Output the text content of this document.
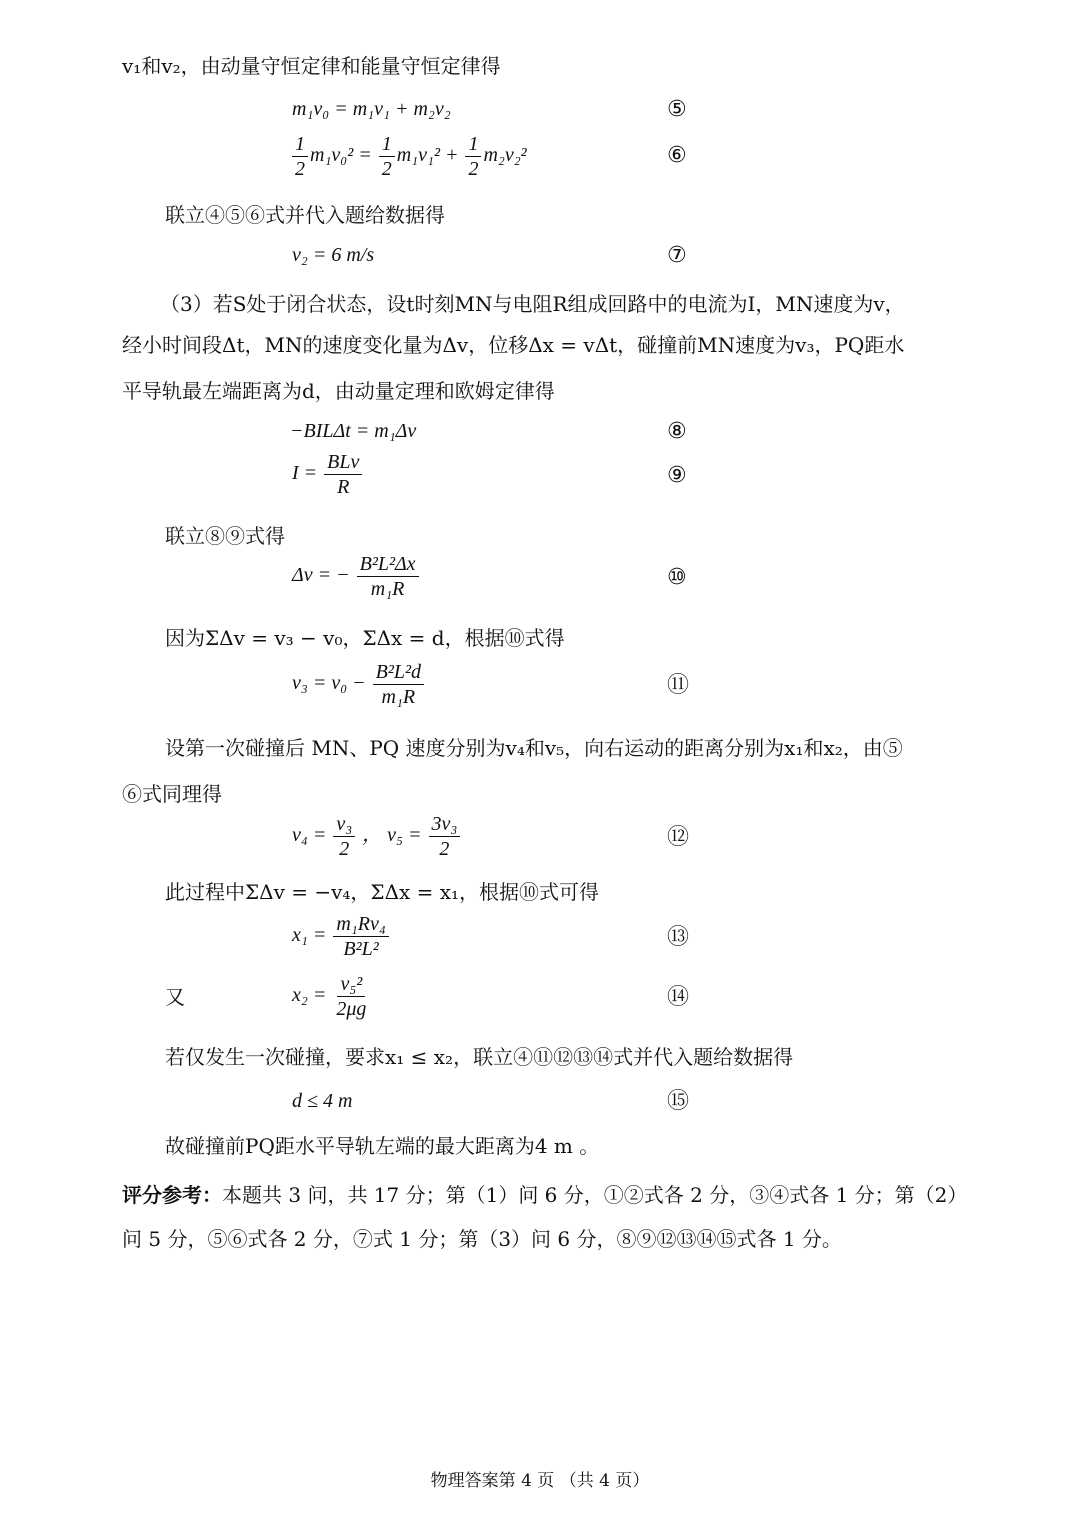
v₁和v₂，由动量守恒定律和能量守恒定律得
m₁v₀ = m₁v₁ + m₂v₂	⑤
$\frac{1}{2} m_1v_0^2 = \frac{1}{2} m_1v_1^2 + \frac{1}{2} m_2v_2^2$	⑥
联立④⑤⑥式并代入题给数据得
v₂ = 6 m/s	⑦
（3）若S处于闭合状态，设t时刻MN与电阻R组成回路中的电流为I，MN速度为v，
经小时间段Δt，MN的速度变化量为Δv，位移Δx = vΔt，碰撞前MN速度为v₃，PQ距水
平导轨最左端距离为d，由动量定理和欧姆定律得
−BILΔt = m₁Δv	⑧
$I = \frac{\text{BLv}}{R}$	⑨
联立⑧⑨式得
Δv = − $\frac{\text{B²L²Δx}}{\text{m₁R}}$	⑩
因为ΣΔv = v₃ − v₀，ΣΔx = d，根据⑩式得
$v_3 = v_0 - \frac{\text{B²L²d}}{\text{m₁R}}$	⑪
设第一次碰撞后 MN、PQ 速度分别为v₄和v₅，向右运动的距离分别为x₁和x₂，由⑤
⑥式同理得
$v_4 = \frac{\text{v₃}}{2}$ ， $v_5 = \frac{\text{3v₃}}{2}$	⑫
此过程中ΣΔv = −v₄，ΣΔx = x₁，根据⑩式可得
$x_1 = \frac{\text{m₁Rv₄}}{\text{B²L²}}$	⑬
又	$x_2 = \frac{\text{v₅²}}{2\mu g}$	⑭
若仅发生一次碰撞，要求x₁ ≤ x₂，联立④⑪⑫⑬⑭式并代入题给数据得
d ≤ 4 m	⑮
故碰撞前PQ距水平导轨左端的最大距离为4 m 。
评分参考：本题共 3 问，共 17 分；第（1）问 6 分，①②式各 2 分，③④式各 1 分；第（2）
问 5 分，⑤⑥式各 2 分，⑦式 1 分；第（3）问 6 分，⑧⑨⑫⑬⑭⑮式各 1 分。
物理答案第 4 页 （共 4 页）
